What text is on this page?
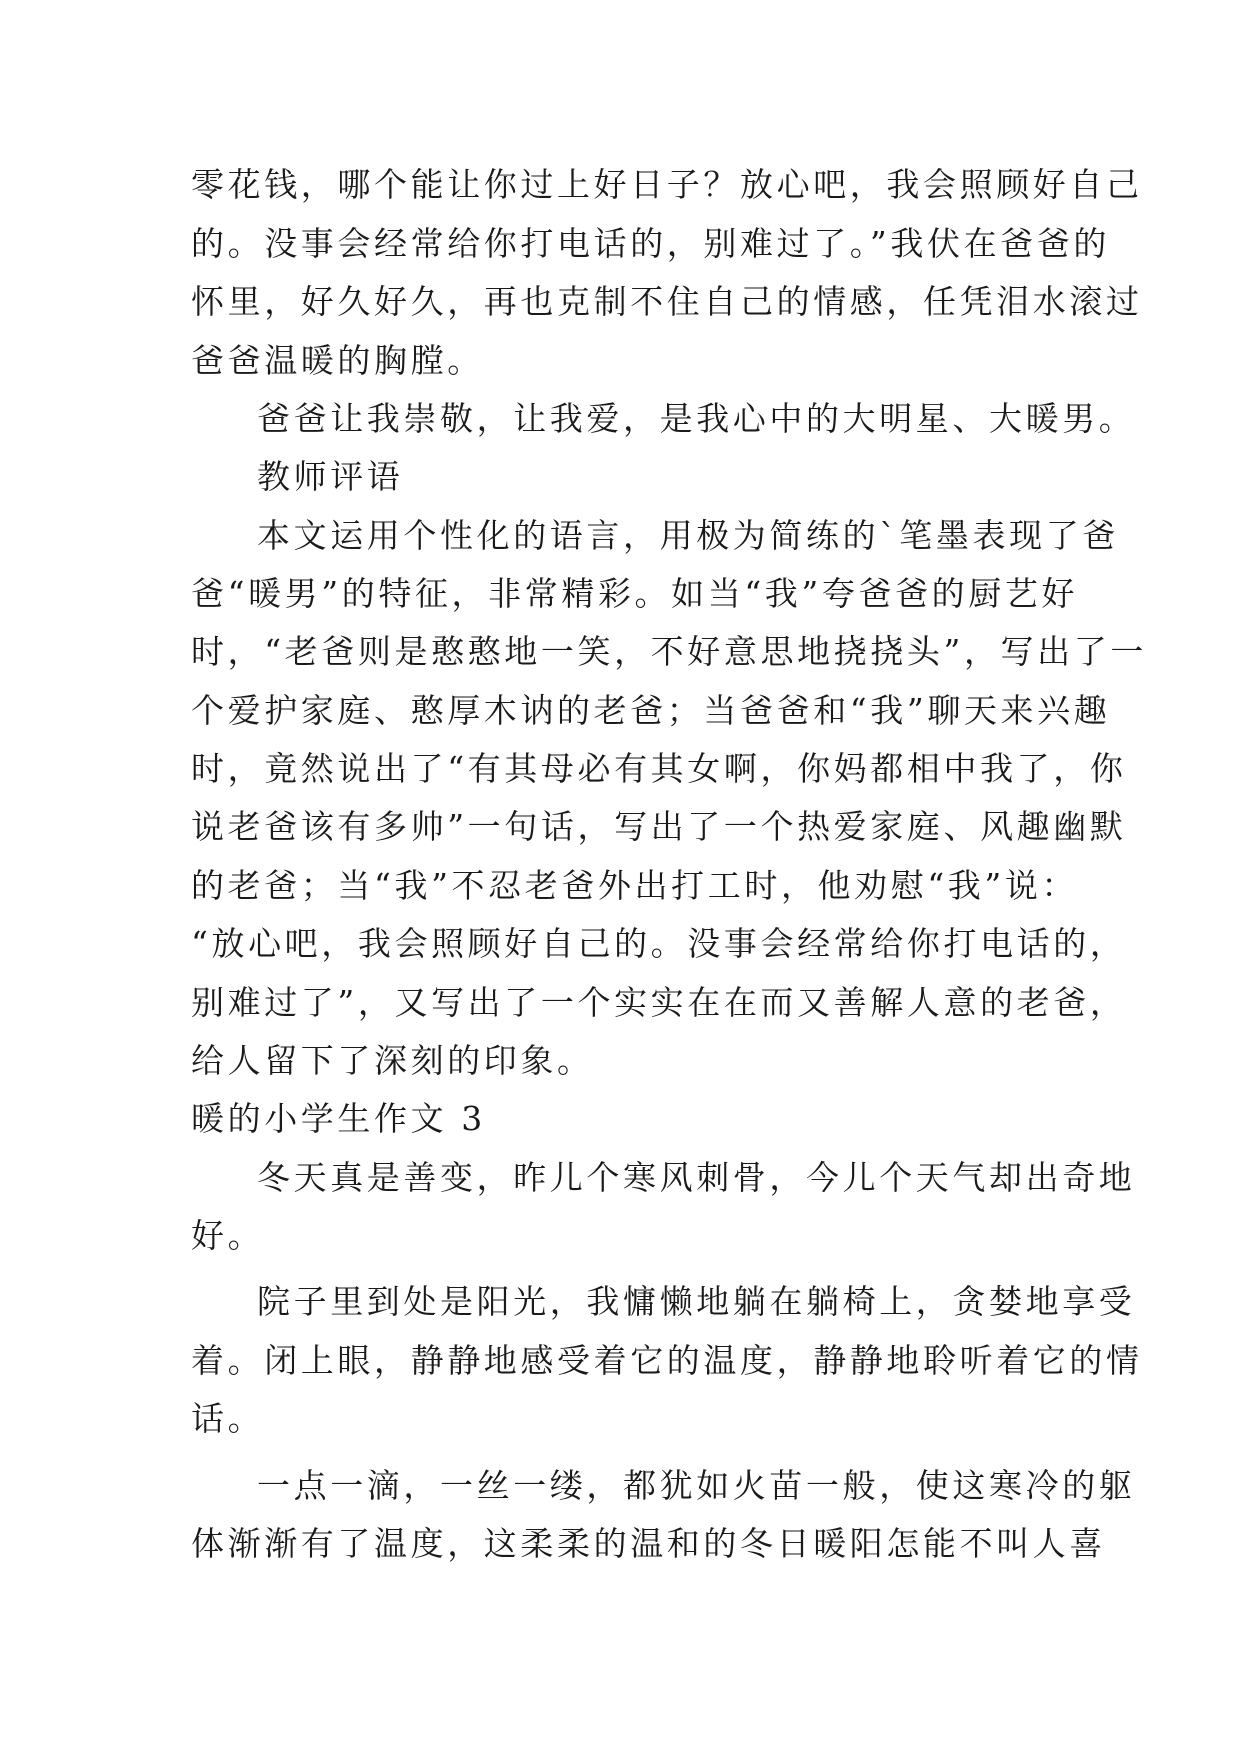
零花钱，哪个能让你过上好日子？放心吧，我会照顾好自己
的。没事会经常给你打电话的，别难过了。”我伏在爸爸的
怀里，好久好久，再也克制不住自己的情感，任凭泪水滚过
爸爸温暖的胸膛。
爸爸让我崇敬，让我爱，是我心中的大明星、大暖男。
教师评语
本文运用个性化的语言，用极为简练的`笔墨表现了爸
爸“暖男”的特征，非常精彩。如当“我”夸爸爸的厨艺好
时，“老爸则是憨憨地一笑，不好意思地挠挠头”，写出了一
个爱护家庭、憨厚木讷的老爸；当爸爸和“我”聊天来兴趣
时，竟然说出了“有其母必有其女啊，你妈都相中我了，你
说老爸该有多帅”一句话，写出了一个热爱家庭、风趣幽默
的老爸；当“我”不忍老爸外出打工时，他劝慰“我”说：
“放心吧，我会照顾好自己的。没事会经常给你打电话的，
别难过了”，又写出了一个实实在在而又善解人意的老爸，
给人留下了深刻的印象。
暖的小学生作文 3
冬天真是善变，昨儿个寒风刺骨，今儿个天气却出奇地
好。
院子里到处是阳光，我慵懒地躺在躺椅上，贪婪地享受
着。闭上眼，静静地感受着它的温度，静静地聆听着它的情
话。
一点一滴，一丝一缕，都犹如火苗一般，使这寒冷的躯
体渐渐有了温度，这柔柔的温和的冬日暖阳怎能不叫人喜
